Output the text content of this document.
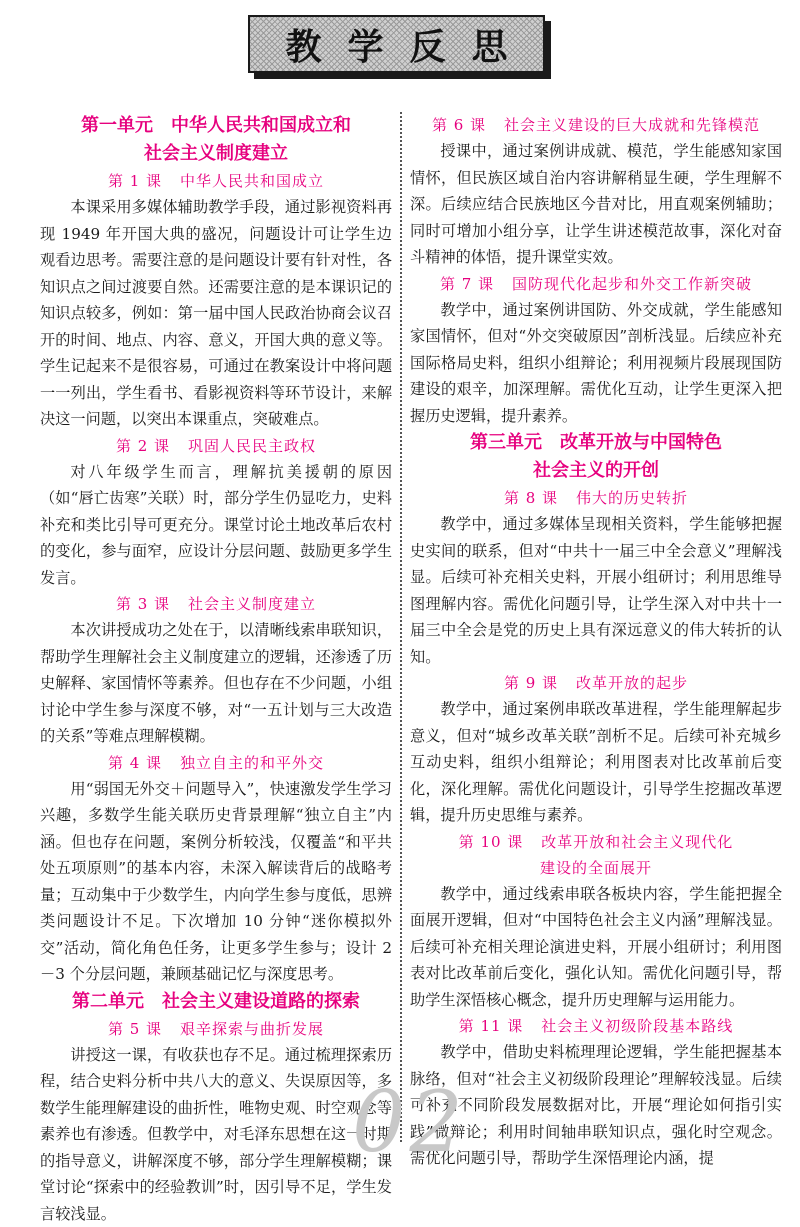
教学反思
第一单元　中华人民共和国成立和
社会主义制度建立
第 1 课 中华人民共和国成立

本课采用多媒体辅助教学手段，通过影视资料再现 1949 年开国大典的盛况，问题设计可让学生边观看边思考。需要注意的是问题设计要有针对性，各知识点之间过渡要自然。还需要注意的是本课识记的知识点较多，例如：第一届中国人民政治协商会议召开的时间、地点、内容、意义，开国大典的意义等。学生记起来不是很容易，可通过在教案设计中将问题一一列出，学生看书、看影视资料等环节设计，来解决这一问题，以突出本课重点，突破难点。

第 2 课 巩固人民民主政权

对八年级学生而言，理解抗美援朝的原因（如“唇亡齿寒”关联）时，部分学生仍显吃力，史料补充和类比引导可更充分。课堂讨论土地改革后农村的变化，参与面窄，应设计分层问题、鼓励更多学生发言。

第 3 课 社会主义制度建立

本次讲授成功之处在于，以清晰线索串联知识，帮助学生理解社会主义制度建立的逻辑，还渗透了历史解释、家国情怀等素养。但也存在不少问题，小组讨论中学生参与深度不够，对“一五计划与三大改造的关系”等难点理解模糊。

第 4 课 独立自主的和平外交

用“弱国无外交＋问题导入”，快速激发学生学习兴趣，多数学生能关联历史背景理解“独立自主”内涵。但也存在问题，案例分析较浅，仅覆盖“和平共处五项原则”的基本内容，未深入解读背后的战略考量；互动集中于少数学生，内向学生参与度低，思辨类问题设计不足。下次增加 10 分钟“迷你模拟外交”活动，简化角色任务，让更多学生参与；设计 2－3 个分层问题，兼顾基础记忆与深度思考。

第二单元　社会主义建设道路的探索
第 5 课 艰辛探索与曲折发展

讲授这一课，有收获也存不足。通过梳理探索历程，结合史料分析中共八大的意义、失误原因等，多数学生能理解建设的曲折性，唯物史观、时空观念等素养也有渗透。但教学中，对毛泽东思想在这一时期的指导意义，讲解深度不够，部分学生理解模糊；课堂讨论“探索中的经验教训”时，因引导不足，学生发言较浅显。

第 6 课 社会主义建设的巨大成就和先锋模范

授课中，通过案例讲成就、模范，学生能感知家国情怀，但民族区域自治内容讲解稍显生硬，学生理解不深。后续应结合民族地区今昔对比，用直观案例辅助；同时可增加小组分享，让学生讲述模范故事，深化对奋斗精神的体悟，提升课堂实效。

第 7 课 国防现代化起步和外交工作新突破

教学中，通过案例讲国防、外交成就，学生能感知家国情怀，但对“外交突破原因”剖析浅显。后续应补充国际格局史料，组织小组辩论；利用视频片段展现国防建设的艰辛，加深理解。需优化互动，让学生更深入把握历史逻辑，提升素养。

第三单元　改革开放与中国特色
社会主义的开创
第 8 课 伟大的历史转折

教学中，通过多媒体呈现相关资料，学生能够把握史实间的联系，但对“中共十一届三中全会意义”理解浅显。后续可补充相关史料，开展小组研讨；利用思维导图理解内容。需优化问题引导，让学生深入对中共十一届三中全会是党的历史上具有深远意义的伟大转折的认知。

第 9 课 改革开放的起步

教学中，通过案例串联改革进程，学生能理解起步意义，但对“城乡改革关联”剖析不足。后续可补充城乡互动史料，组织小组辩论；利用图表对比改革前后变化，深化理解。需优化问题设计，引导学生挖掘改革逻辑，提升历史思维与素养。

第 10 课 改革开放和社会主义现代化
建设的全面展开

教学中，通过线索串联各板块内容，学生能把握全面展开逻辑，但对“中国特色社会主义内涵”理解浅显。后续可补充相关理论演进史料，开展小组研讨；利用图表对比改革前后变化，强化认知。需优化问题引导，帮助学生深悟核心概念，提升历史理解与运用能力。

第 11 课 社会主义初级阶段基本路线

教学中，借助史料梳理理论逻辑，学生能把握基本脉络，但对“社会主义初级阶段理论”理解较浅显。后续可补充不同阶段发展数据对比，开展“理论如何指引实践”微辩论；利用时间轴串联知识点，强化时空观念。需优化问题引导，帮助学生深悟理论内涵，提

02
